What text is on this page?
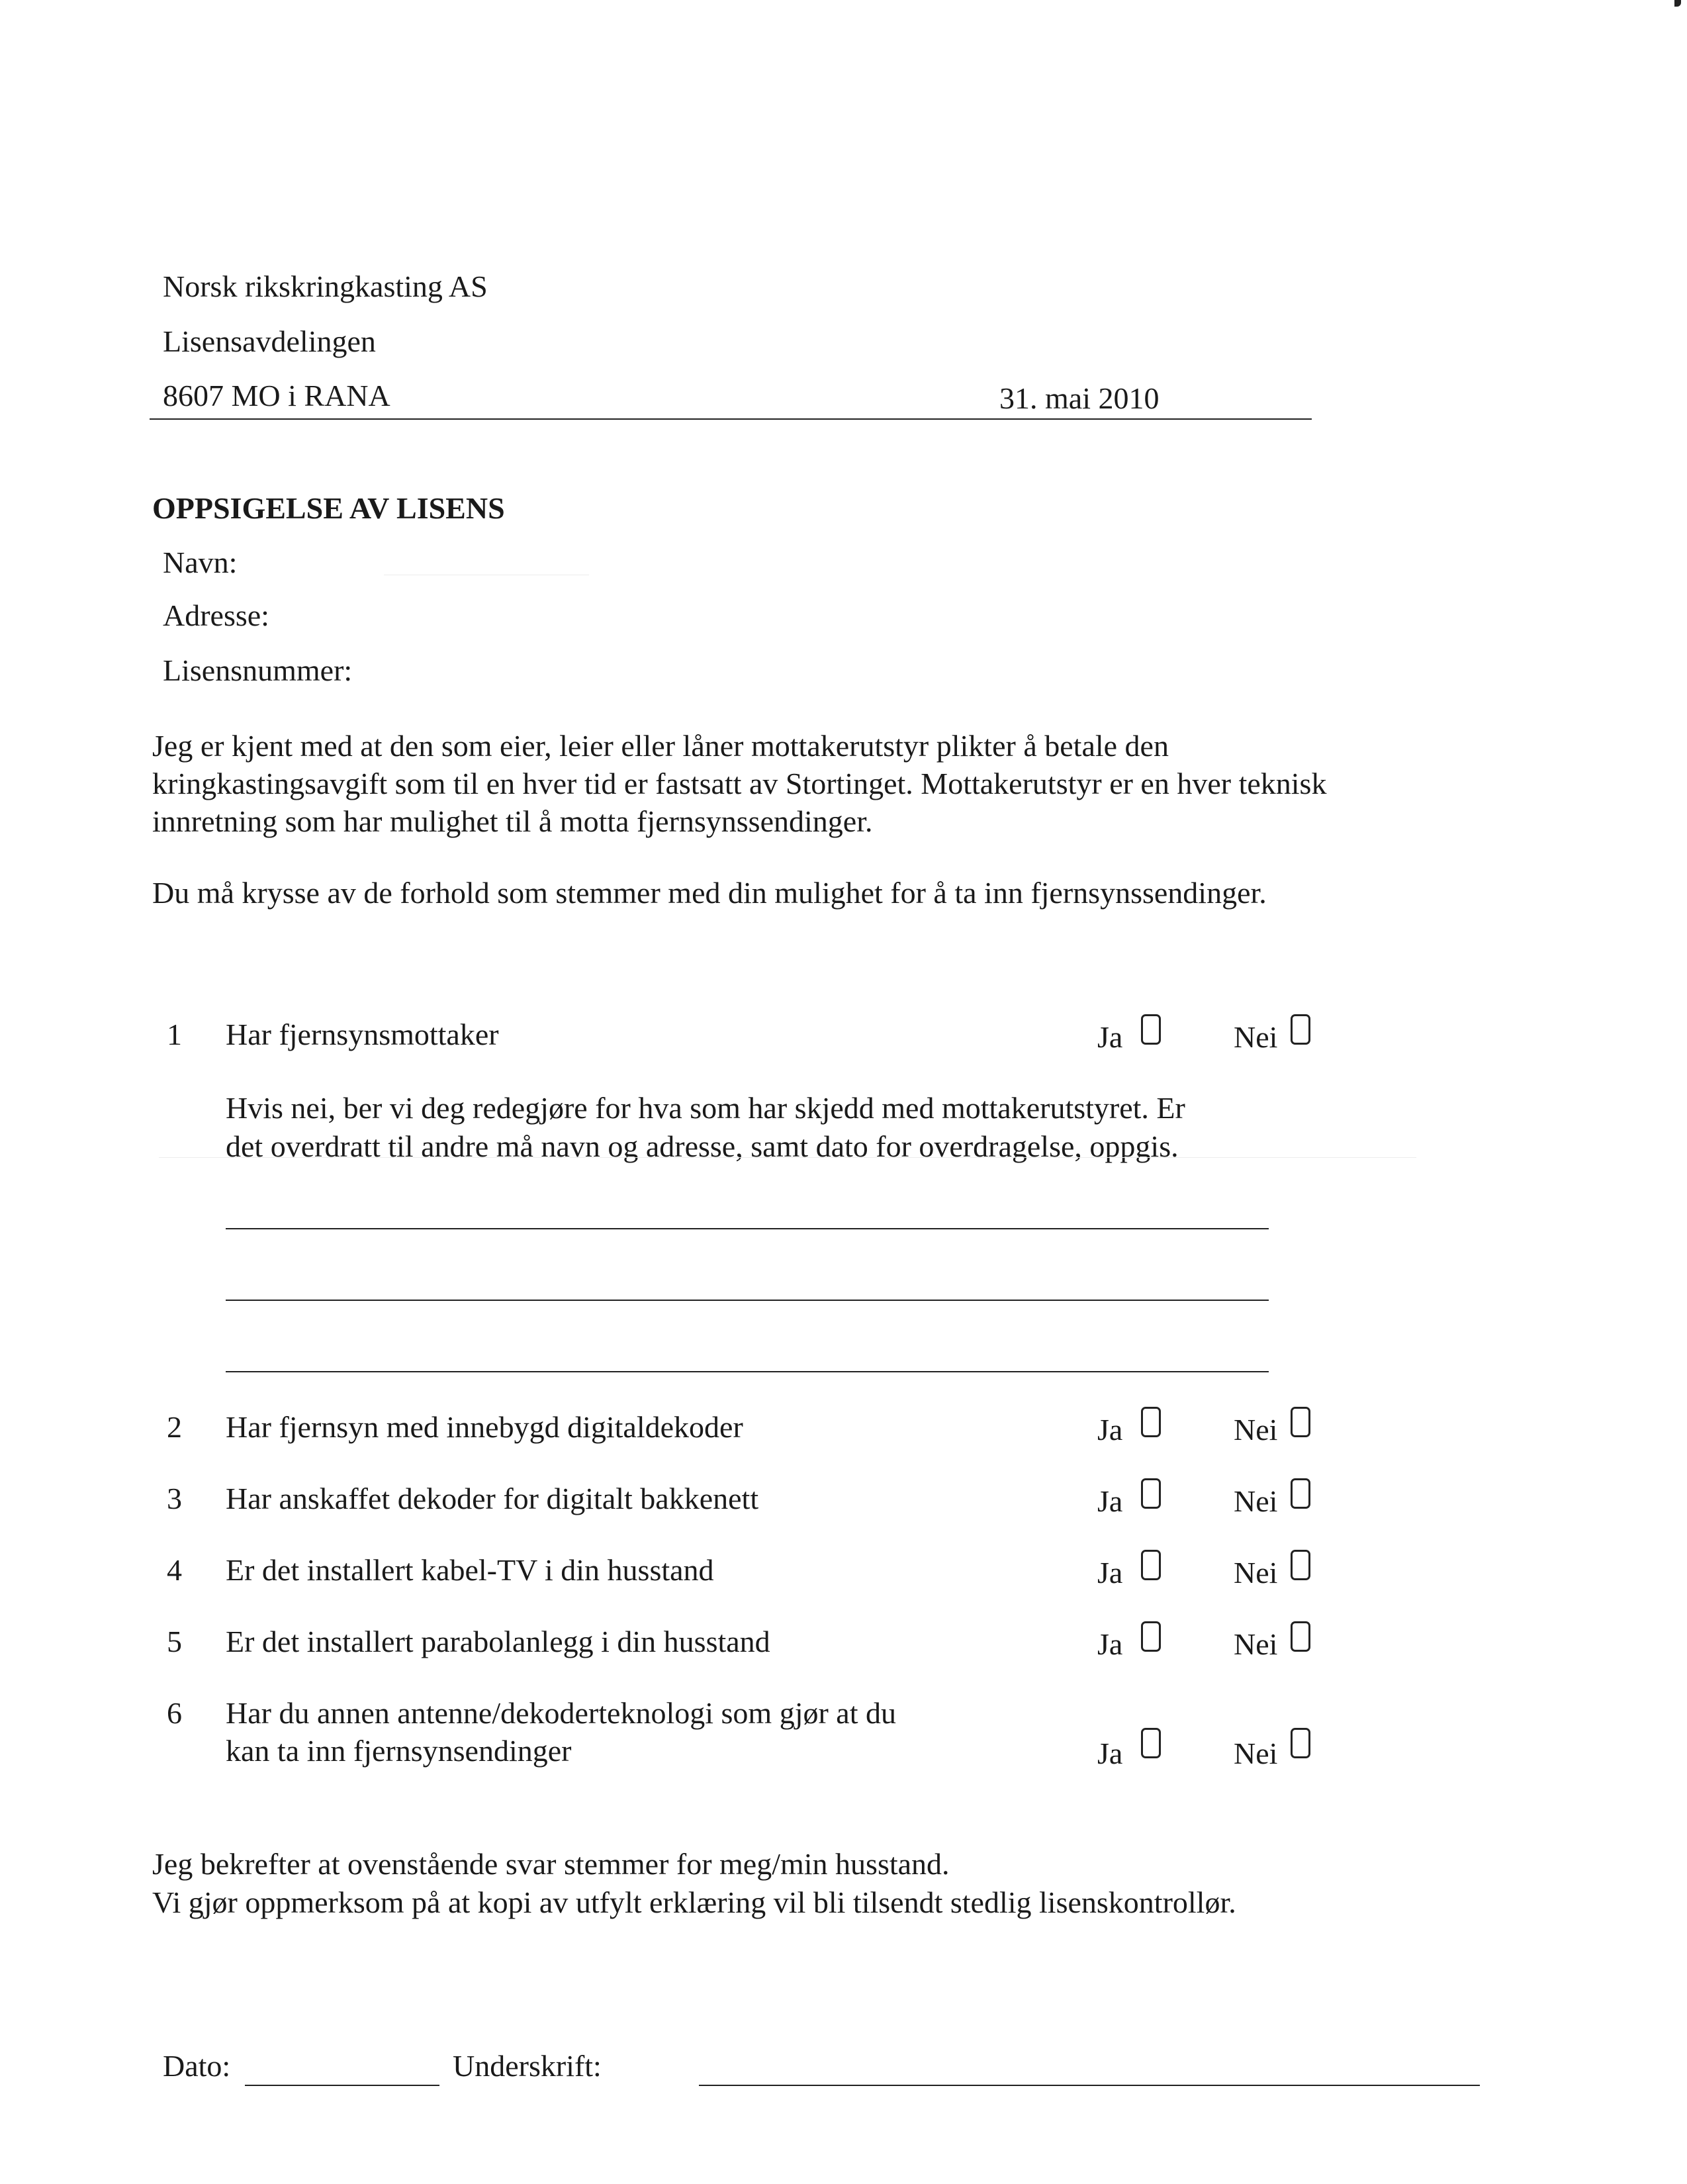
Norsk rikskringkasting AS
Lisensavdelingen
8607 MO i RANA	31. mai 2010
OPPSIGELSE AV LISENS
Navn:
Adresse:
Lisensnummer:
Jeg er kjent med at den som eier, leier eller låner mottakerutstyr plikter å betale den
kringkastingsavgift som til en hver tid er fastsatt av Stortinget. Mottakerutstyr er en hver teknisk
innretning som har mulighet til å motta fjernsynssendinger.
Du må krysse av de forhold som stemmer med din mulighet for å ta inn fjernsynssendinger.
1 Har fjernsynsmottaker	Ja	Nei
Hvis nei, ber vi deg redegjøre for hva som har skjedd med mottakerutstyret. Er
det overdratt til andre må navn og adresse, samt dato for overdragelse, oppgis.
2 Har fjernsyn med innebygd digitaldekoder	Ja	Nei
3 Har anskaffet dekoder for digitalt bakkenett	Ja	Nei
4 Er det installert kabel-TV i din husstand	Ja	Nei
5 Er det installert parabolanlegg i din husstand	Ja	Nei
6 Har du annen antenne/dekoderteknologi som gjør at du
kan ta inn fjernsynsendinger	Ja	Nei
Jeg bekrefter at ovenstående svar stemmer for meg/min husstand.
Vi gjør oppmerksom på at kopi av utfylt erklæring vil bli tilsendt stedlig lisenskontrollør.
Dato:	Underskrift:
